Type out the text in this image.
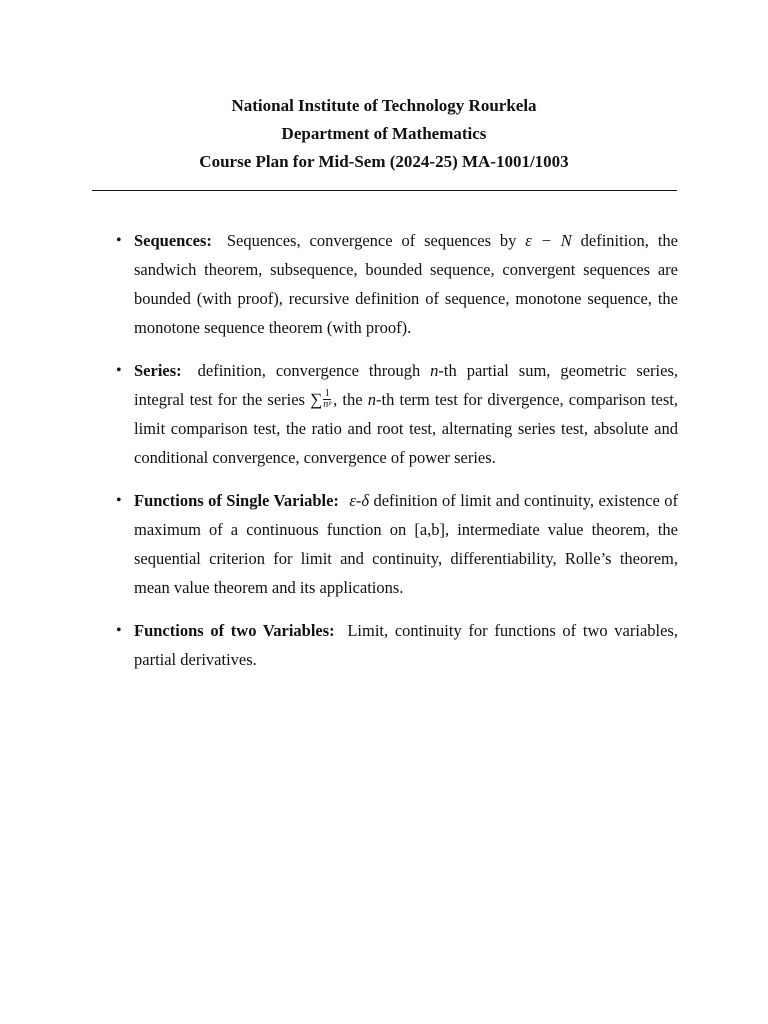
National Institute of Technology Rourkela
Department of Mathematics
Course Plan for Mid-Sem (2024-25) MA-1001/1003
• Sequences: Sequences, convergence of sequences by ε − N definition, the sandwich theorem, subsequence, bounded sequence, convergent sequences are bounded (with proof), recursive definition of sequence, monotone sequence, the monotone sequence theorem (with proof).
• Series: definition, convergence through n-th partial sum, geometric series, integral test for the series ∑ $\frac{1}{\text{nᵖ}}$ , the n-th term test for divergence, comparison test, limit comparison test, the ratio and root test, alternating series test, absolute and conditional convergence, convergence of power series.
• Functions of Single Variable: ε-δ definition of limit and continuity, existence of maximum of a continuous function on [a,b], intermediate value theorem, the sequential criterion for limit and continuity, differentiability, Rolle’s theorem, mean value theorem and its applications.
• Functions of two Variables: Limit, continuity for functions of two variables, partial derivatives.
